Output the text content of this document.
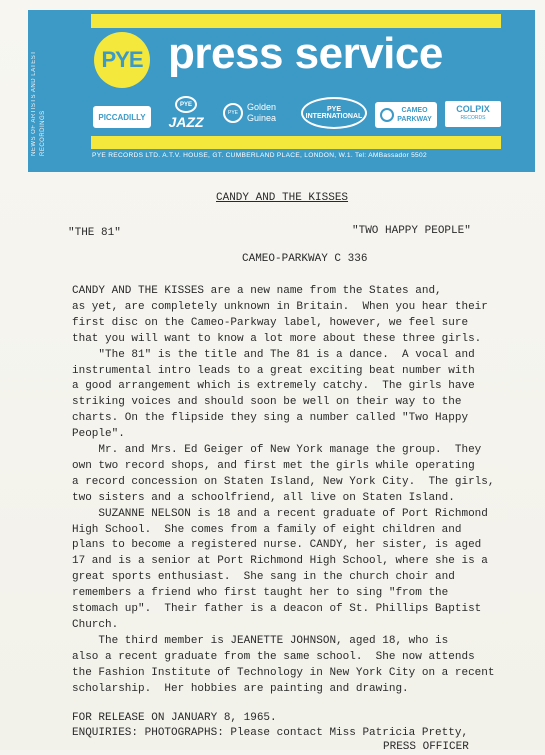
NEWS OF ARTISTS AND LATEST RECORDINGS
PYE press service
PICCADILLY
PYE
JAZZ
PYE
Golden
Guinea
PYE
INTERNATIONAL
CAMEO
PARKWAY
COLPIX
RECORDS
PYE RECORDS LTD. A.T.V. HOUSE, GT. CUMBERLAND PLACE, LONDON, W.1. Tel: AMBassador 5502
CANDY AND THE KISSES
"THE 81"	"TWO HAPPY PEOPLE"
CAMEO-PARKWAY C 336
CANDY AND THE KISSES are a new name from the States and,
as yet, are completely unknown in Britain.  When you hear their
first disc on the Cameo-Parkway label, however, we feel sure
that you will want to know a lot more about these three girls.
"The 81" is the title and The 81 is a dance.  A vocal and
instrumental intro leads to a great exciting beat number with
a good arrangement which is extremely catchy.  The girls have
striking voices and should soon be well on their way to the
charts. On the flipside they sing a number called "Two Happy
People".
Mr. and Mrs. Ed Geiger of New York manage the group.  They
own two record shops, and first met the girls while operating
a record concession on Staten Island, New York City.  The girls,
two sisters and a schoolfriend, all live on Staten Island.
SUZANNE NELSON is 18 and a recent graduate of Port Richmond
High School.  She comes from a family of eight children and
plans to become a registered nurse. CANDY, her sister, is aged
17 and is a senior at Port Richmond High School, where she is a
great sports enthusiast.  She sang in the church choir and
remembers a friend who first taught her to sing "from the
stomach up".  Their father is a deacon of St. Phillips Baptist
Church.
The third member is JEANETTE JOHNSON, aged 18, who is
also a recent graduate from the same school.  She now attends
the Fashion Institute of Technology in New York City on a recent
scholarship.  Her hobbies are painting and drawing.
FOR RELEASE ON JANUARY 8, 1965.
ENQUIRIES: PHOTOGRAPHS: Please contact Miss Patricia Pretty,
PRESS OFFICER
